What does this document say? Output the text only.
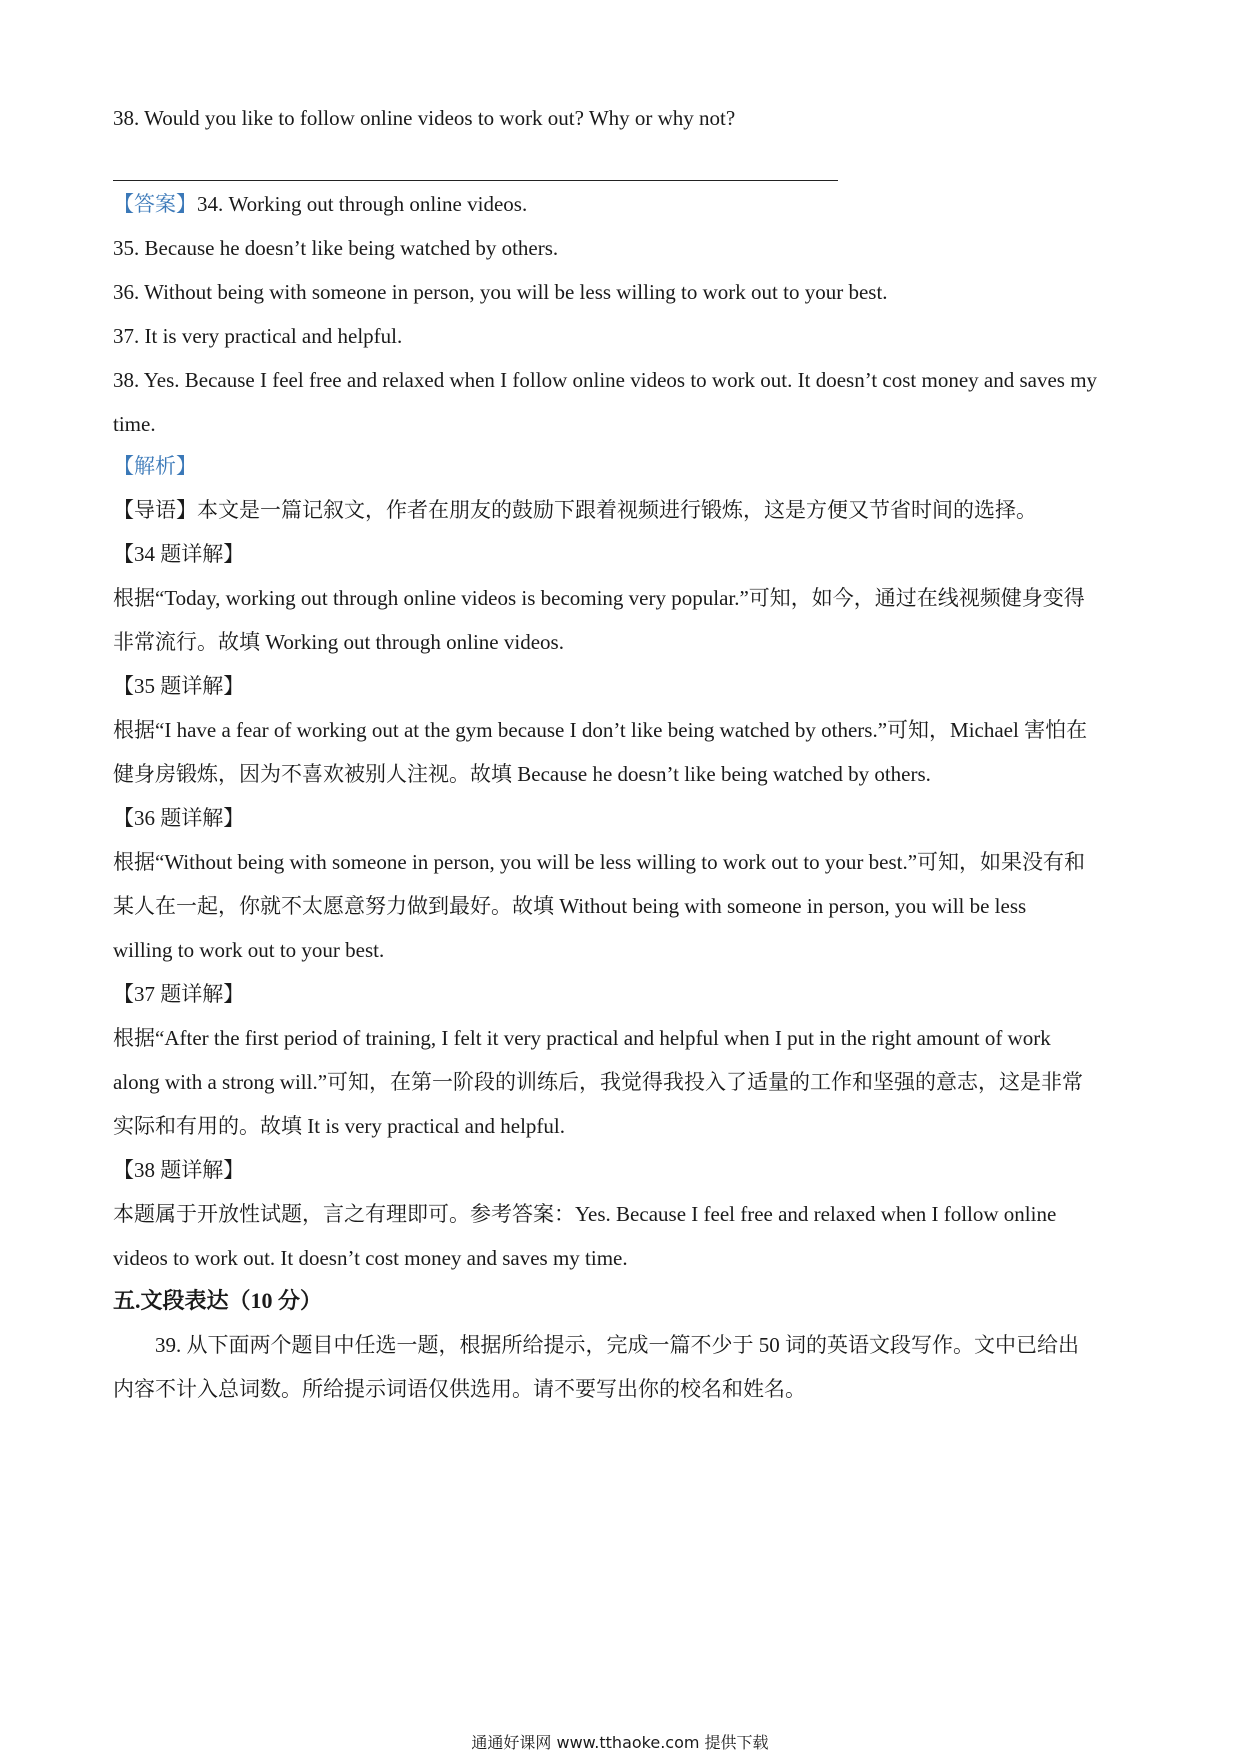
38. Would you like to follow online videos to work out? Why or why not?
【答案】34. Working out through online videos.
35. Because he doesn’t like being watched by others.
36. Without being with someone in person, you will be less willing to work out to your best.
37. It is very practical and helpful.
38. Yes. Because I feel free and relaxed when I follow online videos to work out. It doesn’t cost money and saves my
time.
【解析】
【导语】本文是一篇记叙文，作者在朋友的鼓励下跟着视频进行锻炼，这是方便又节省时间的选择。
【34 题详解】
根据“Today, working out through online videos is becoming very popular.”可知，如今，通过在线视频健身变得
非常流行。故填 Working out through online videos.
【35 题详解】
根据“I have a fear of working out at the gym because I don’t like being watched by others.”可知，Michael 害怕在
健身房锻炼，因为不喜欢被别人注视。故填 Because he doesn’t like being watched by others.
【36 题详解】
根据“Without being with someone in person, you will be less willing to work out to your best.”可知，如果没有和
某人在一起，你就不太愿意努力做到最好。故填 Without being with someone in person, you will be less
willing to work out to your best.
【37 题详解】
根据“After the first period of training, I felt it very practical and helpful when I put in the right amount of work
along with a strong will.”可知，在第一阶段的训练后，我觉得我投入了适量的工作和坚强的意志，这是非常
实际和有用的。故填 It is very practical and helpful.
【38 题详解】
本题属于开放性试题，言之有理即可。参考答案：Yes. Because I feel free and relaxed when I follow online
videos to work out. It doesn’t cost money and saves my time.
五.文段表达（10 分）
39. 从下面两个题目中任选一题，根据所给提示，完成一篇不少于 50 词的英语文段写作。文中已给出
内容不计入总词数。所给提示词语仅供选用。请不要写出你的校名和姓名。
通通好课网 www.tthaoke.com 提供下载
